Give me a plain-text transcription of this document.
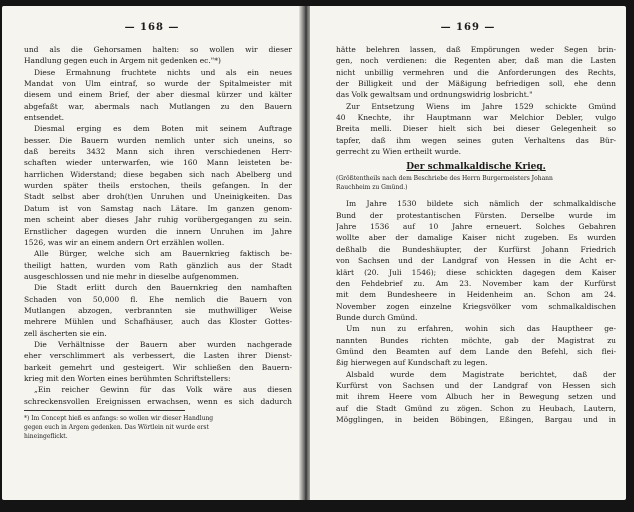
— 168 —
und als die Gehorsamen halten: so wollen wir dieser
Handlung gegen euch in Argem nit gedenken ec."*)
Diese Ermahnung fruchtete nichts und als ein neues
Mandat von Ulm eintraf, so wurde der Spitalmeister mit
diesem und einem Brief, der aber diesmal kürzer und kälter
abgefaßt war, abermals nach Mutlangen zu den Bauern
entsendet.
Diesmal erging es dem Boten mit seinem Auftrage
besser. Die Bauern wurden nemlich unter sich uneins, so
daß bereits 3432 Mann sich ihren verschiedenen Herr-
schaften wieder unterwarfen, wie 160 Mann leisteten be-
harrlichen Widerstand; diese begaben sich nach Abelberg und
wurden später theils erstochen, theils gefangen. In der
Stadt selbst aber droh(t)en Unruhen und Uneinigkeiten. Das
Datum ist von Samstag nach Lätare. Im ganzen genom-
men scheint aber dieses Jahr ruhig vorübergegangen zu sein.
Ernstlicher dagegen wurden die innern Unruhen im Jahre
1526, was wir an einem andern Ort erzählen wollen.
Alle Bürger, welche sich am Bauernkrieg faktisch be-
theiligt hatten, wurden vom Rath gänzlich aus der Stadt
ausgeschlossen und nie mehr in dieselbe aufgenommen.
Die Stadt erlitt durch den Bauernkrieg den namhaften
Schaden von 50,000 fl. Ehe nemlich die Bauern von
Mutlangen abzogen, verbrannten sie muthwilliger Weise
mehrere Mühlen und Schafhäuser, auch das Kloster Gottes-
zell äscherten sie ein.
Die Verhältnisse der Bauern aber wurden nachgerade
eher verschlimmert als verbessert, die Lasten ihrer Dienst-
barkeit gemehrt und gesteigert. Wir schließen den Bauern-
krieg mit den Worten eines berühmten Schriftstellers:
„Ein reicher Gewinn für das Volk wäre aus diesen
schreckensvollen Ereignissen erwachsen, wenn es sich dadurch
*) Im Concept hieß es anfangs: so wollen wir dieser Handlung
gegen euch in Argem gedenken. Das Wörtlein nit wurde erst
hineingeflickt.
— 169 —
hätte belehren lassen, daß Empörungen weder Segen brin-
gen, noch verdienen: die Regenten aber, daß man die Lasten
nicht unbillig vermehren und die Anforderungen des Rechts,
der Billigkeit und der Mäßigung befriedigen soll, ehe denn
das Volk gewaltsam und ordnungswidrig losbricht."
Zur Entsetzung Wiens im Jahre 1529 schickte Gmünd
40 Knechte, ihr Hauptmann war Melchior Debler, vulgo
Breita melli. Dieser hielt sich bei dieser Gelegenheit so
tapfer, daß ihm wegen seines guten Verhaltens das Bür-
gerrecht zu Wien ertheilt wurde.
Der schmalkaldische Krieg.
(Größtentheils nach dem Beschriebe des Herrn Burgermeisters Johann
Rauchheim zu Gmünd.)
Im Jahre 1530 bildete sich nämlich der schmalkaldische
Bund der protestantischen Fürsten. Derselbe wurde im
Jahre 1536 auf 10 Jahre erneuert. Solches Gebahren
wollte aber der damalige Kaiser nicht zugeben. Es wurden
deßhalb die Bundeshäupter, der Kurfürst Johann Friedrich
von Sachsen und der Landgraf von Hessen in die Acht er-
klärt (20. Juli 1546); diese schickten dagegen dem Kaiser
den Fehdebrief zu. Am 23. November kam der Kurfürst
mit dem Bundesheere in Heidenheim an. Schon am 24.
November zogen einzelne Kriegsvölker vom schmalkaldischen
Bunde durch Gmünd.
Um nun zu erfahren, wohin sich das Hauptheer ge-
nannten Bundes richten möchte, gab der Magistrat zu
Gmünd den Beamten auf dem Lande den Befehl, sich flei-
ßig hierwegen auf Kundschaft zu legen.
Alsbald wurde dem Magistrate berichtet, daß der
Kurfürst von Sachsen und der Landgraf von Hessen sich
mit ihrem Heere vom Albuch her in Bewegung setzen und
auf die Stadt Gmünd zu zögen. Schon zu Heubach, Lautern,
Mögglingen, in beiden Böbingen, Eßingen, Bargau und in
